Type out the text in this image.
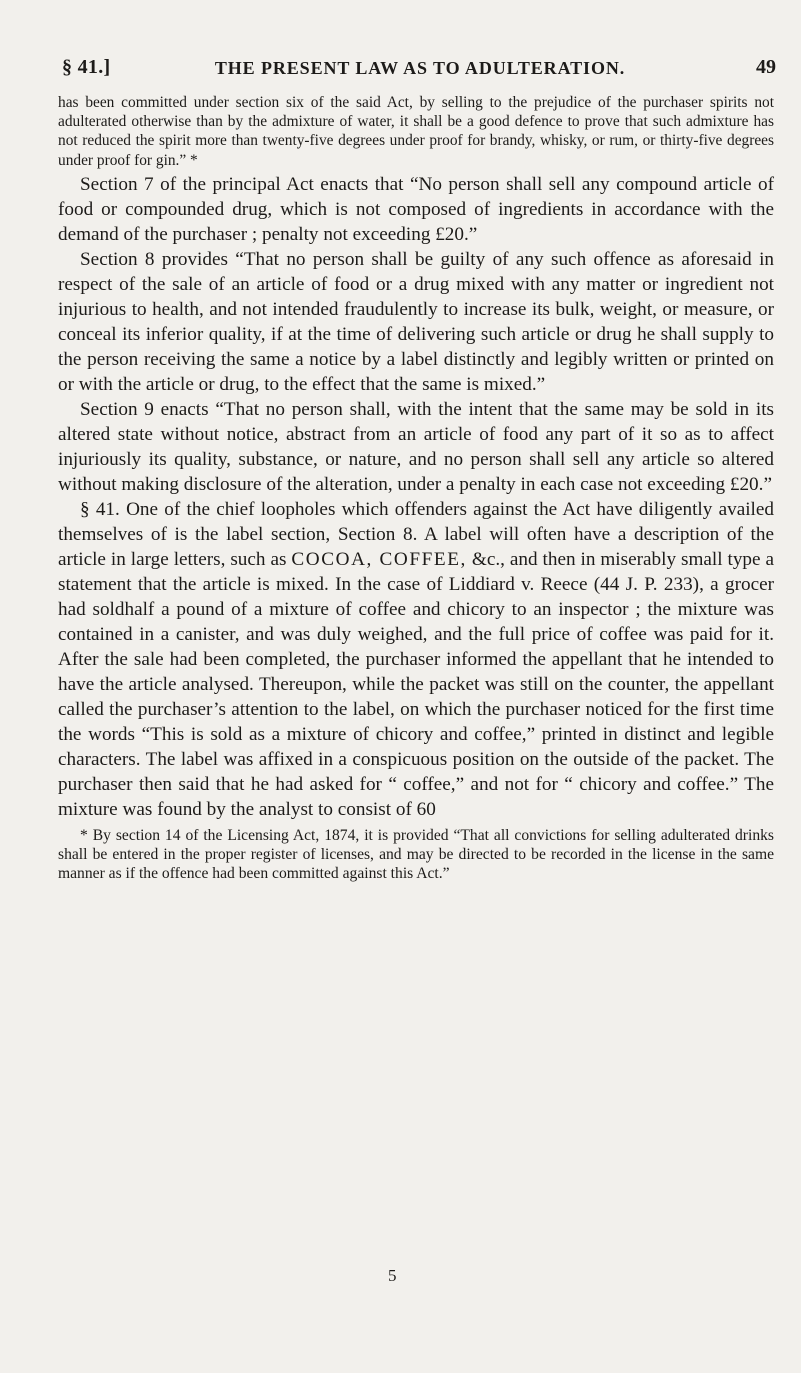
§ 41.]	THE PRESENT LAW AS TO ADULTERATION.	49

has been committed under section six of the said Act, by selling to the prejudice of the purchaser spirits not adulterated otherwise than by the admixture of water, it shall be a good defence to prove that such admixture has not reduced the spirit more than twenty-five degrees under proof for brandy, whisky, or rum, or thirty-five degrees under proof for gin.” *

Section 7 of the principal Act enacts that “No person shall sell any compound article of food or compounded drug, which is not composed of ingredients in accordance with the demand of the purchaser ; penalty not exceeding £20.”

Section 8 provides “That no person shall be guilty of any such offence as aforesaid in respect of the sale of an article of food or a drug mixed with any matter or ingredient not injurious to health, and not intended fraudulently to increase its bulk, weight, or measure, or conceal its inferior quality, if at the time of delivering such article or drug he shall supply to the person receiving the same a notice by a label distinctly and legibly written or printed on or with the article or drug, to the effect that the same is mixed.”

Section 9 enacts “That no person shall, with the intent that the same may be sold in its altered state without notice, abstract from an article of food any part of it so as to affect injuriously its quality, substance, or nature, and no person shall sell any article so altered without making disclosure of the alteration, under a penalty in each case not exceeding £20.”

§ 41. One of the chief loopholes which offenders against the Act have diligently availed themselves of is the label section, Section 8. A label will often have a description of the article in large letters, such as COCOA, COFFEE, &c., and then in miserably small type a statement that the article is mixed. In the case of Liddiard v. Reece (44 J. P. 233), a grocer had soldhalf a pound of a mixture of coffee and chicory to an inspector ; the mixture was contained in a canister, and was duly weighed, and the full price of coffee was paid for it. After the sale had been completed, the purchaser informed the appellant that he intended to have the article analysed. Thereupon, while the packet was still on the counter, the appellant called the purchaser’s attention to the label, on which the purchaser noticed for the first time the words “This is sold as a mixture of chicory and coffee,” printed in distinct and legible characters. The label was affixed in a conspicuous position on the outside of the packet. The purchaser then said that he had asked for “ coffee,” and not for “ chicory and coffee.” The mixture was found by the analyst to consist of 60

* By section 14 of the Licensing Act, 1874, it is provided “That all convictions for selling adulterated drinks shall be entered in the proper register of licenses, and may be directed to be recorded in the license in the same manner as if the offence had been committed against this Act.”

5
